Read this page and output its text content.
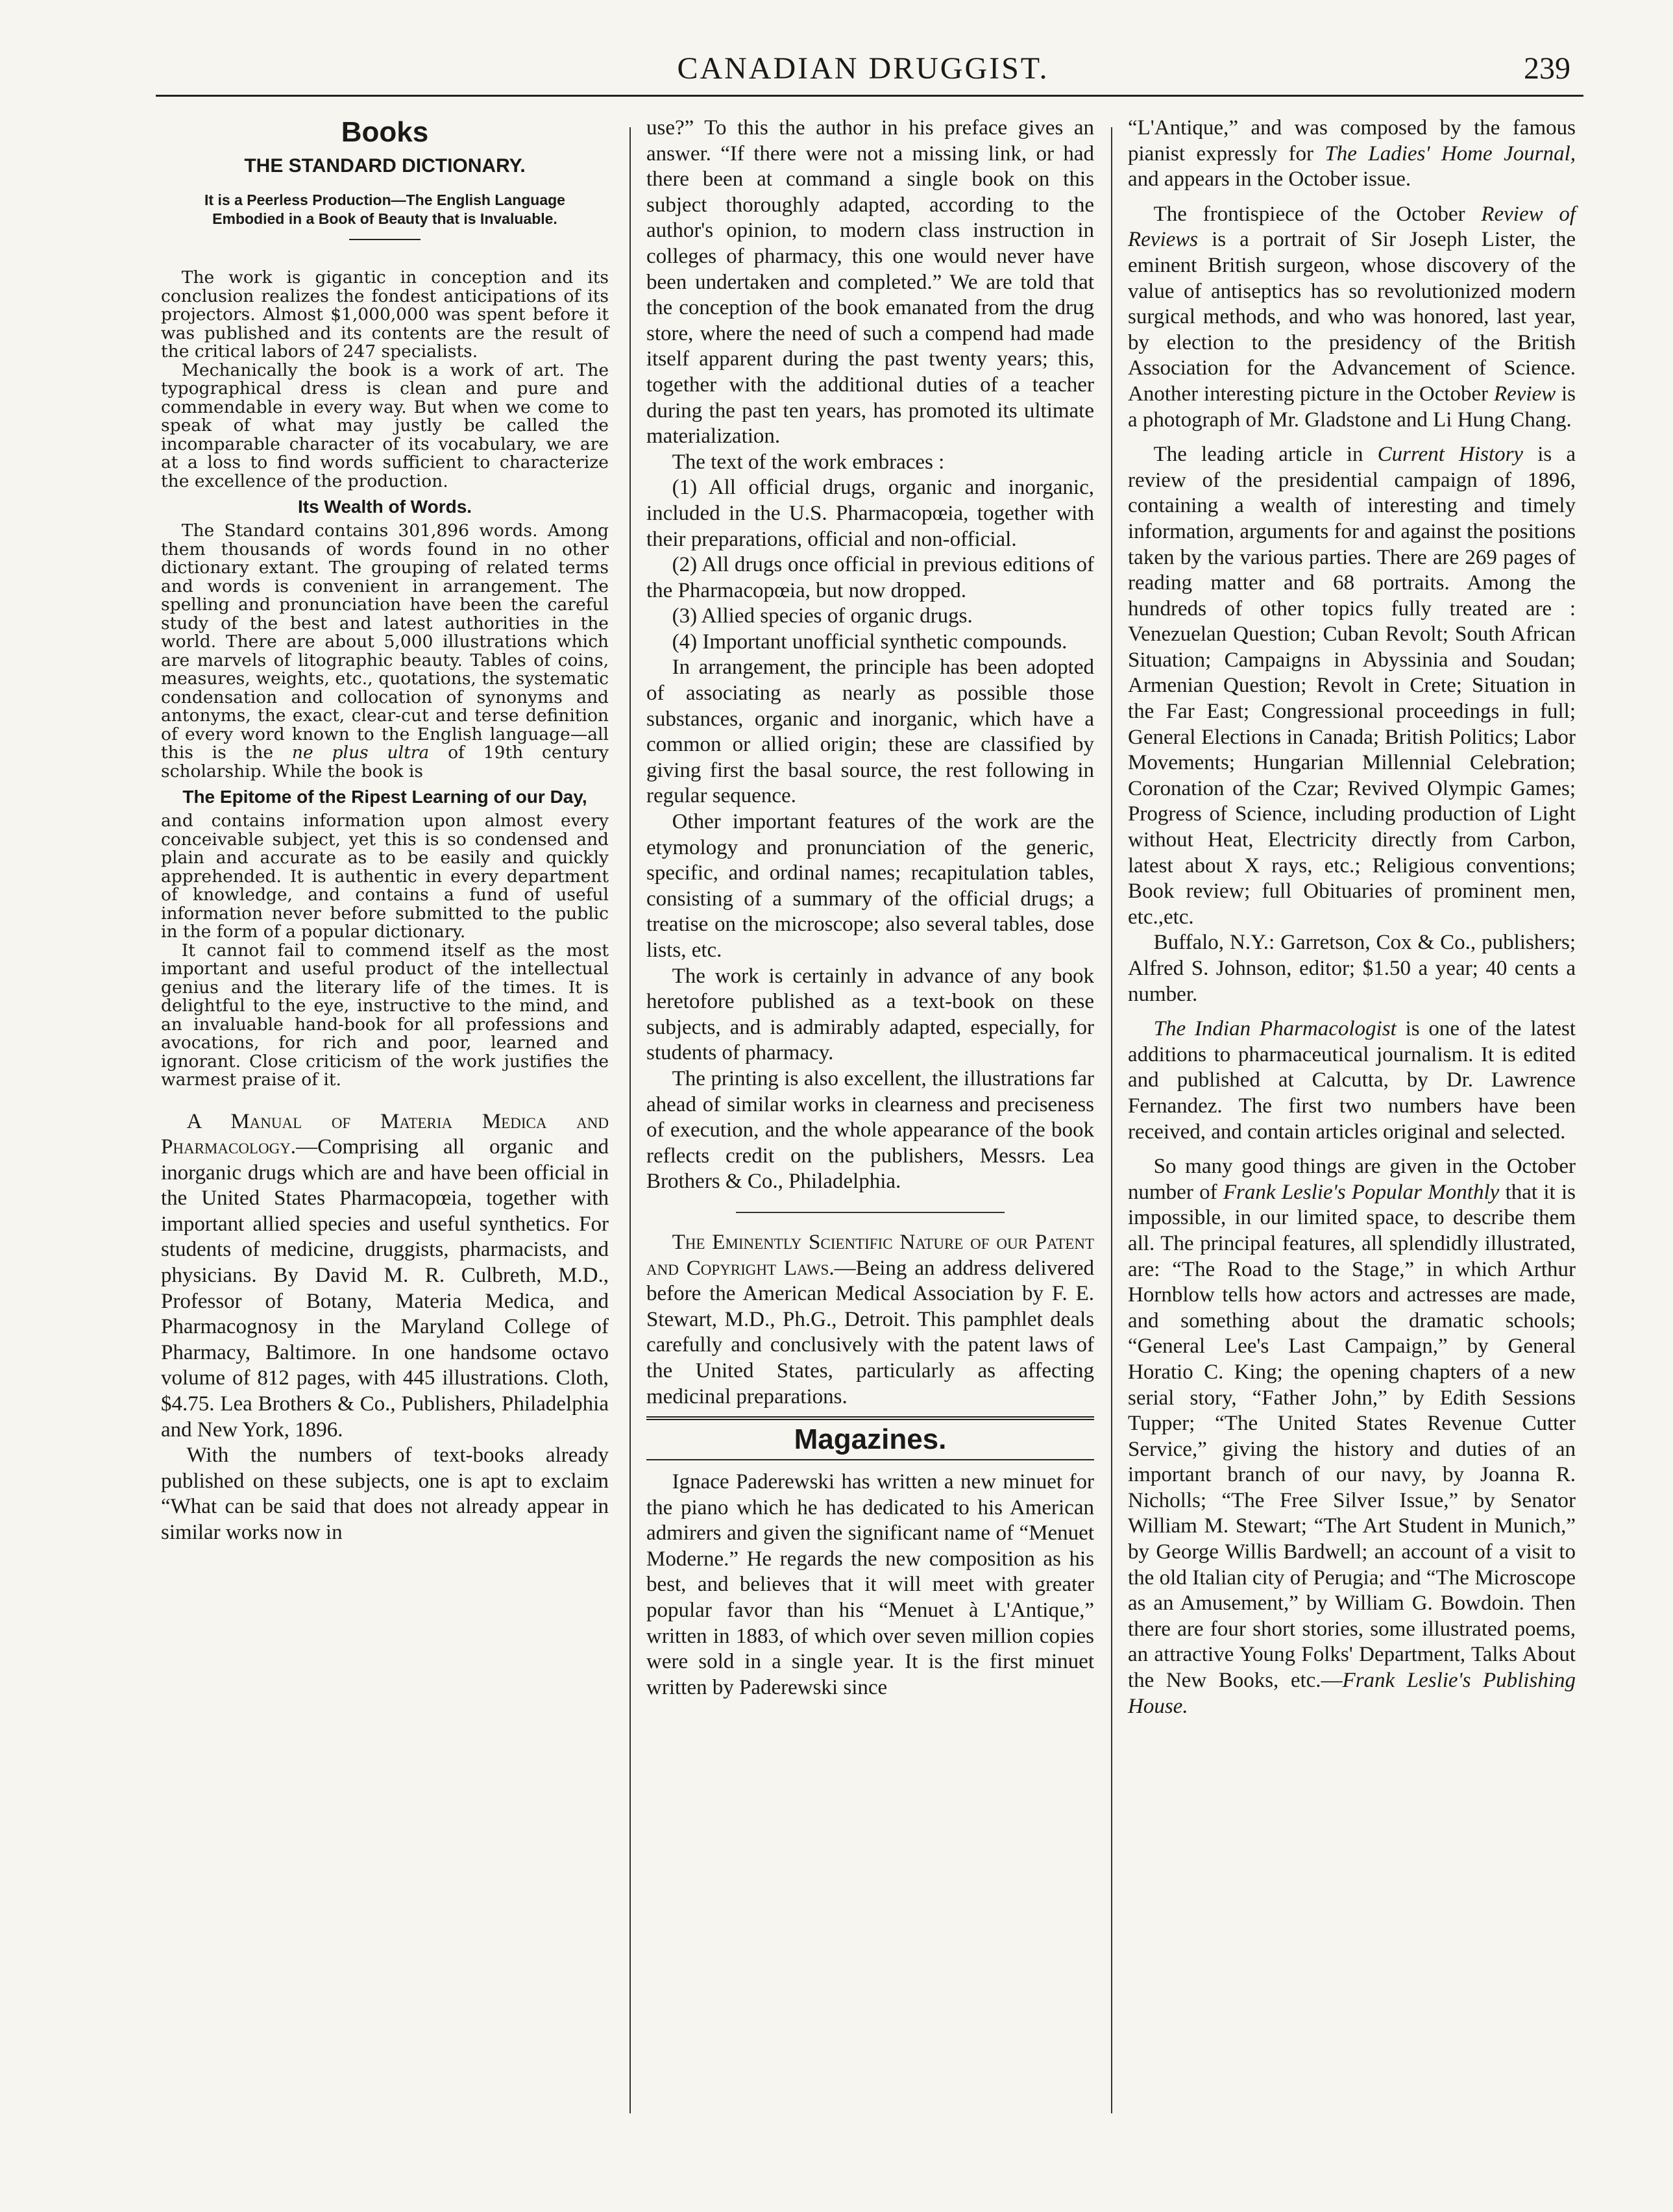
CANADIAN DRUGGIST.	239
Books
THE STANDARD DICTIONARY.
It is a Peerless Production—The English Language Embodied in a Book of Beauty that is Invaluable.

The work is gigantic in conception and its conclusion realizes the fondest anticipations of its projectors. Almost $1,000,000 was spent before it was published and its contents are the result of the critical labors of 247 specialists.

Mechanically the book is a work of art. The typographical dress is clean and pure and commendable in every way. But when we come to speak of what may justly be called the incomparable character of its vocabulary, we are at a loss to find words sufficient to characterize the excellence of the production.

Its Wealth of Words.

The Standard contains 301,896 words. Among them thousands of words found in no other dictionary extant. The grouping of related terms and words is convenient in arrangement. The spelling and pronunciation have been the careful study of the best and latest authorities in the world. There are about 5,000 illustrations which are marvels of litographic beauty. Tables of coins, measures, weights, etc., quotations, the systematic condensation and collocation of synonyms and antonyms, the exact, clear-cut and terse definition of every word known to the English language—all this is the ne plus ultra of 19th century scholarship. While the book is

The Epitome of the Ripest Learning of our Day,

and contains information upon almost every conceivable subject, yet this is so condensed and plain and accurate as to be easily and quickly apprehended. It is authentic in every department of knowledge, and contains a fund of useful information never before submitted to the public in the form of a popular dictionary.

It cannot fail to commend itself as the most important and useful product of the intellectual genius and the literary life of the times. It is delightful to the eye, instructive to the mind, and an invaluable hand-book for all professions and avocations, for rich and poor, learned and ignorant. Close criticism of the work justifies the warmest praise of it.

A Manual of Materia Medica and Pharmacology.—Comprising all organic and inorganic drugs which are and have been official in the United States Pharmacopœia, together with important allied species and useful synthetics. For students of medicine, druggists, pharmacists, and physicians. By David M. R. Culbreth, M.D., Professor of Botany, Materia Medica, and Pharmacognosy in the Maryland College of Pharmacy, Baltimore. In one handsome octavo volume of 812 pages, with 445 illustrations. Cloth, $4.75. Lea Brothers & Co., Publishers, Philadelphia and New York, 1896.

With the numbers of text-books already published on these subjects, one is apt to exclaim “What can be said that does not already appear in similar works now in

use?” To this the author in his preface gives an answer. “If there were not a missing link, or had there been at command a single book on this subject thoroughly adapted, according to the author's opinion, to modern class instruction in colleges of pharmacy, this one would never have been undertaken and completed.” We are told that the conception of the book emanated from the drug store, where the need of such a compend had made itself apparent during the past twenty years; this, together with the additional duties of a teacher during the past ten years, has promoted its ultimate materialization.

The text of the work embraces :

(1) All official drugs, organic and inorganic, included in the U.S. Pharmacopœia, together with their preparations, official and non-official.

(2) All drugs once official in previous editions of the Pharmacopœia, but now dropped.

(3) Allied species of organic drugs.

(4) Important unofficial synthetic compounds.

In arrangement, the principle has been adopted of associating as nearly as possible those substances, organic and inorganic, which have a common or allied origin; these are classified by giving first the basal source, the rest following in regular sequence.

Other important features of the work are the etymology and pronunciation of the generic, specific, and ordinal names; recapitulation tables, consisting of a summary of the official drugs; a treatise on the microscope; also several tables, dose lists, etc.

The work is certainly in advance of any book heretofore published as a text-book on these subjects, and is admirably adapted, especially, for students of pharmacy.

The printing is also excellent, the illustrations far ahead of similar works in clearness and preciseness of execution, and the whole appearance of the book reflects credit on the publishers, Messrs. Lea Brothers & Co., Philadelphia.

The Eminently Scientific Nature of our Patent and Copyright Laws.—Being an address delivered before the American Medical Association by F. E. Stewart, M.D., Ph.G., Detroit. This pamphlet deals carefully and conclusively with the patent laws of the United States, particularly as affecting medicinal preparations.

Magazines.

Ignace Paderewski has written a new minuet for the piano which he has dedicated to his American admirers and given the significant name of “Menuet Moderne.” He regards the new composition as his best, and believes that it will meet with greater popular favor than his “Menuet à L'Antique,” written in 1883, of which over seven million copies were sold in a single year. It is the first minuet written by Paderewski since

“L'Antique,” and was composed by the famous pianist expressly for The Ladies' Home Journal, and appears in the October issue.

The frontispiece of the October Review of Reviews is a portrait of Sir Joseph Lister, the eminent British surgeon, whose discovery of the value of antiseptics has so revolutionized modern surgical methods, and who was honored, last year, by election to the presidency of the British Association for the Advancement of Science. Another interesting picture in the October Review is a photograph of Mr. Gladstone and Li Hung Chang.

The leading article in Current History is a review of the presidential campaign of 1896, containing a wealth of interesting and timely information, arguments for and against the positions taken by the various parties. There are 269 pages of reading matter and 68 portraits. Among the hundreds of other topics fully treated are : Venezuelan Question; Cuban Revolt; South African Situation; Campaigns in Abyssinia and Soudan; Armenian Question; Revolt in Crete; Situation in the Far East; Congressional proceedings in full; General Elections in Canada; British Politics; Labor Movements; Hungarian Millennial Celebration; Coronation of the Czar; Revived Olympic Games; Progress of Science, including production of Light without Heat, Electricity directly from Carbon, latest about X rays, etc.; Religious conventions; Book review; full Obituaries of prominent men, etc.,etc.

Buffalo, N.Y.: Garretson, Cox & Co., publishers; Alfred S. Johnson, editor; $1.50 a year; 40 cents a number.

The Indian Pharmacologist is one of the latest additions to pharmaceutical journalism. It is edited and published at Calcutta, by Dr. Lawrence Fernandez. The first two numbers have been received, and contain articles original and selected.

So many good things are given in the October number of Frank Leslie's Popular Monthly that it is impossible, in our limited space, to describe them all. The principal features, all splendidly illustrated, are: “The Road to the Stage,” in which Arthur Hornblow tells how actors and actresses are made, and something about the dramatic schools; “General Lee's Last Campaign,” by General Horatio C. King; the opening chapters of a new serial story, “Father John,” by Edith Sessions Tupper; “The United States Revenue Cutter Service,” giving the history and duties of an important branch of our navy, by Joanna R. Nicholls; “The Free Silver Issue,” by Senator William M. Stewart; “The Art Student in Munich,” by George Willis Bardwell; an account of a visit to the old Italian city of Perugia; and “The Microscope as an Amusement,” by William G. Bowdoin. Then there are four short stories, some illustrated poems, an attractive Young Folks' Department, Talks About the New Books, etc.—Frank Leslie's Publishing House.
